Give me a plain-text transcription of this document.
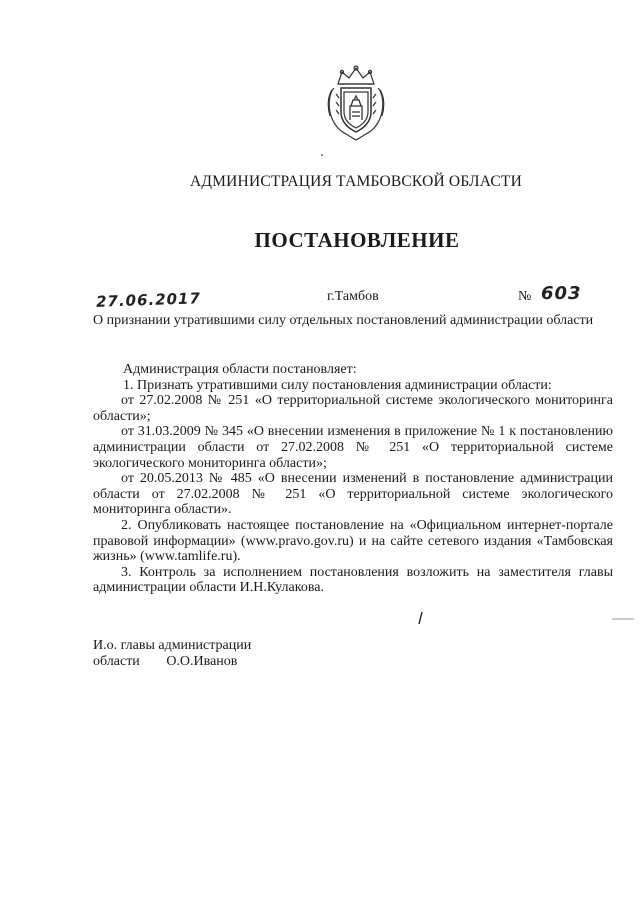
АДМИНИСТРАЦИЯ ТАМБОВСКОЙ ОБЛАСТИ
ПОСТАНОВЛЕНИЕ
27.06.2017	г.Тамбов	№ 603
О признании утратившими силу отдельных постановлений администрации области

Администрация области постановляет:

1. Признать утратившими силу постановления администрации области:

от 27.02.2008 № 251 «О территориальной системе экологического мониторинга области»;

от 31.03.2009 № 345 «О внесении изменения в приложение № 1 к постановлению администрации области от 27.02.2008 № 251 «О территориальной системе экологического мониторинга области»;

от 20.05.2013 № 485 «О внесении изменений в постановление администрации области от 27.02.2008 № 251 «О территориальной системе экологического мониторинга области».

2. Опубликовать настоящее постановление на «Официальном интернет-портале правовой информации» (www.pravo.gov.ru) и на сайте сетевого издания «Тамбовская жизнь» (www.tamlife.ru).

3. Контроль за исполнением постановления возложить на заместителя главы администрации области И.Н.Кулакова.

И.о. главы администрации
области О.О.Иванов
